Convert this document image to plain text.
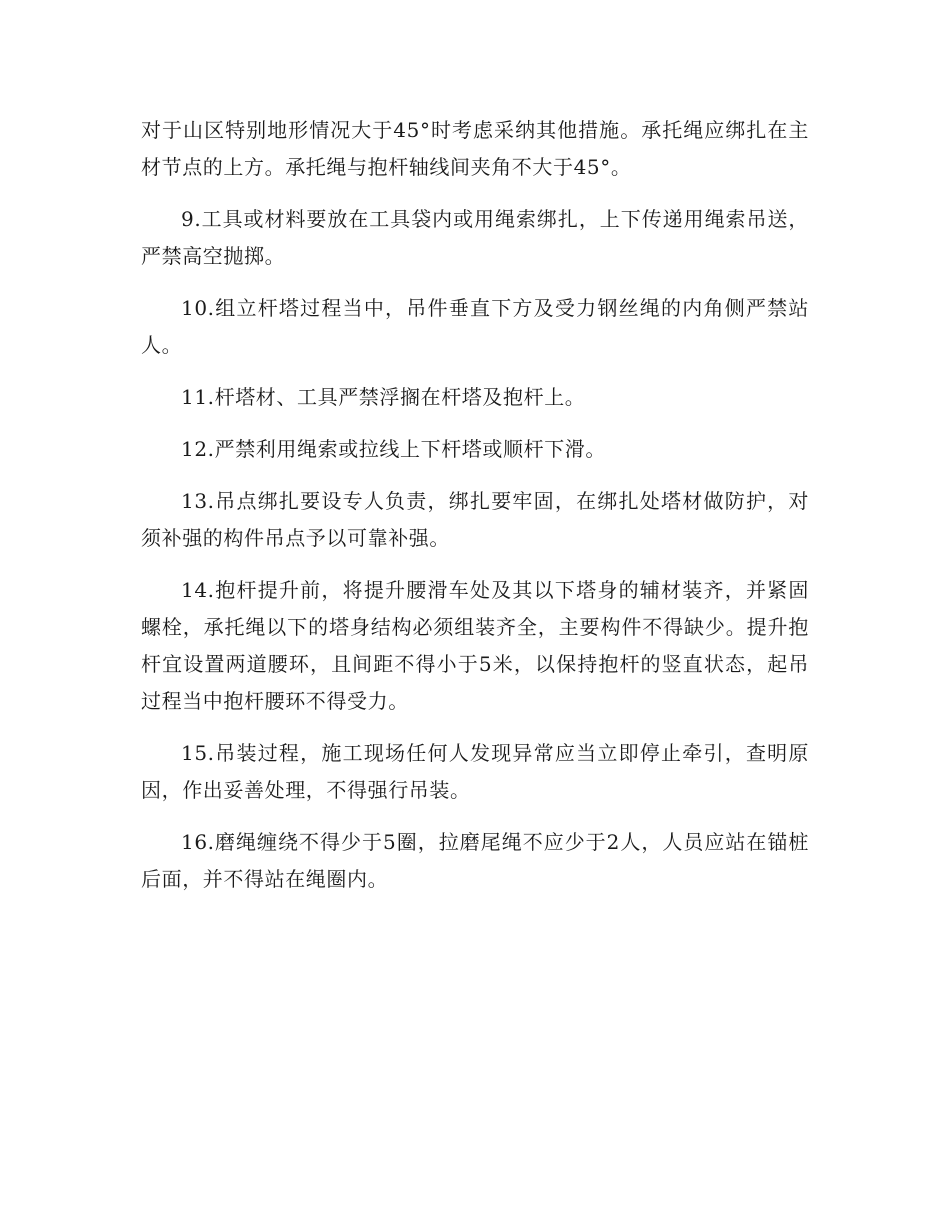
对于山区特别地形情况大于45°时考虑采纳其他措施。承托绳应绑扎在主材节点的上方。承托绳与抱杆轴线间夹角不大于45°。

9.工具或材料要放在工具袋内或用绳索绑扎，上下传递用绳索吊送，严禁高空抛掷。

10.组立杆塔过程当中，吊件垂直下方及受力钢丝绳的内角侧严禁站人。

11.杆塔材、工具严禁浮搁在杆塔及抱杆上。

12.严禁利用绳索或拉线上下杆塔或顺杆下滑。

13.吊点绑扎要设专人负责，绑扎要牢固，在绑扎处塔材做防护，对须补强的构件吊点予以可靠补强。

14.抱杆提升前，将提升腰滑车处及其以下塔身的辅材装齐，并紧固螺栓，承托绳以下的塔身结构必须组装齐全，主要构件不得缺少。提升抱杆宜设置两道腰环，且间距不得小于5米，以保持抱杆的竖直状态，起吊过程当中抱杆腰环不得受力。

15.吊装过程，施工现场任何人发现异常应当立即停止牵引，查明原因，作出妥善处理，不得强行吊装。

16.磨绳缠绕不得少于5圈，拉磨尾绳不应少于2人，人员应站在锚桩后面，并不得站在绳圈内。
